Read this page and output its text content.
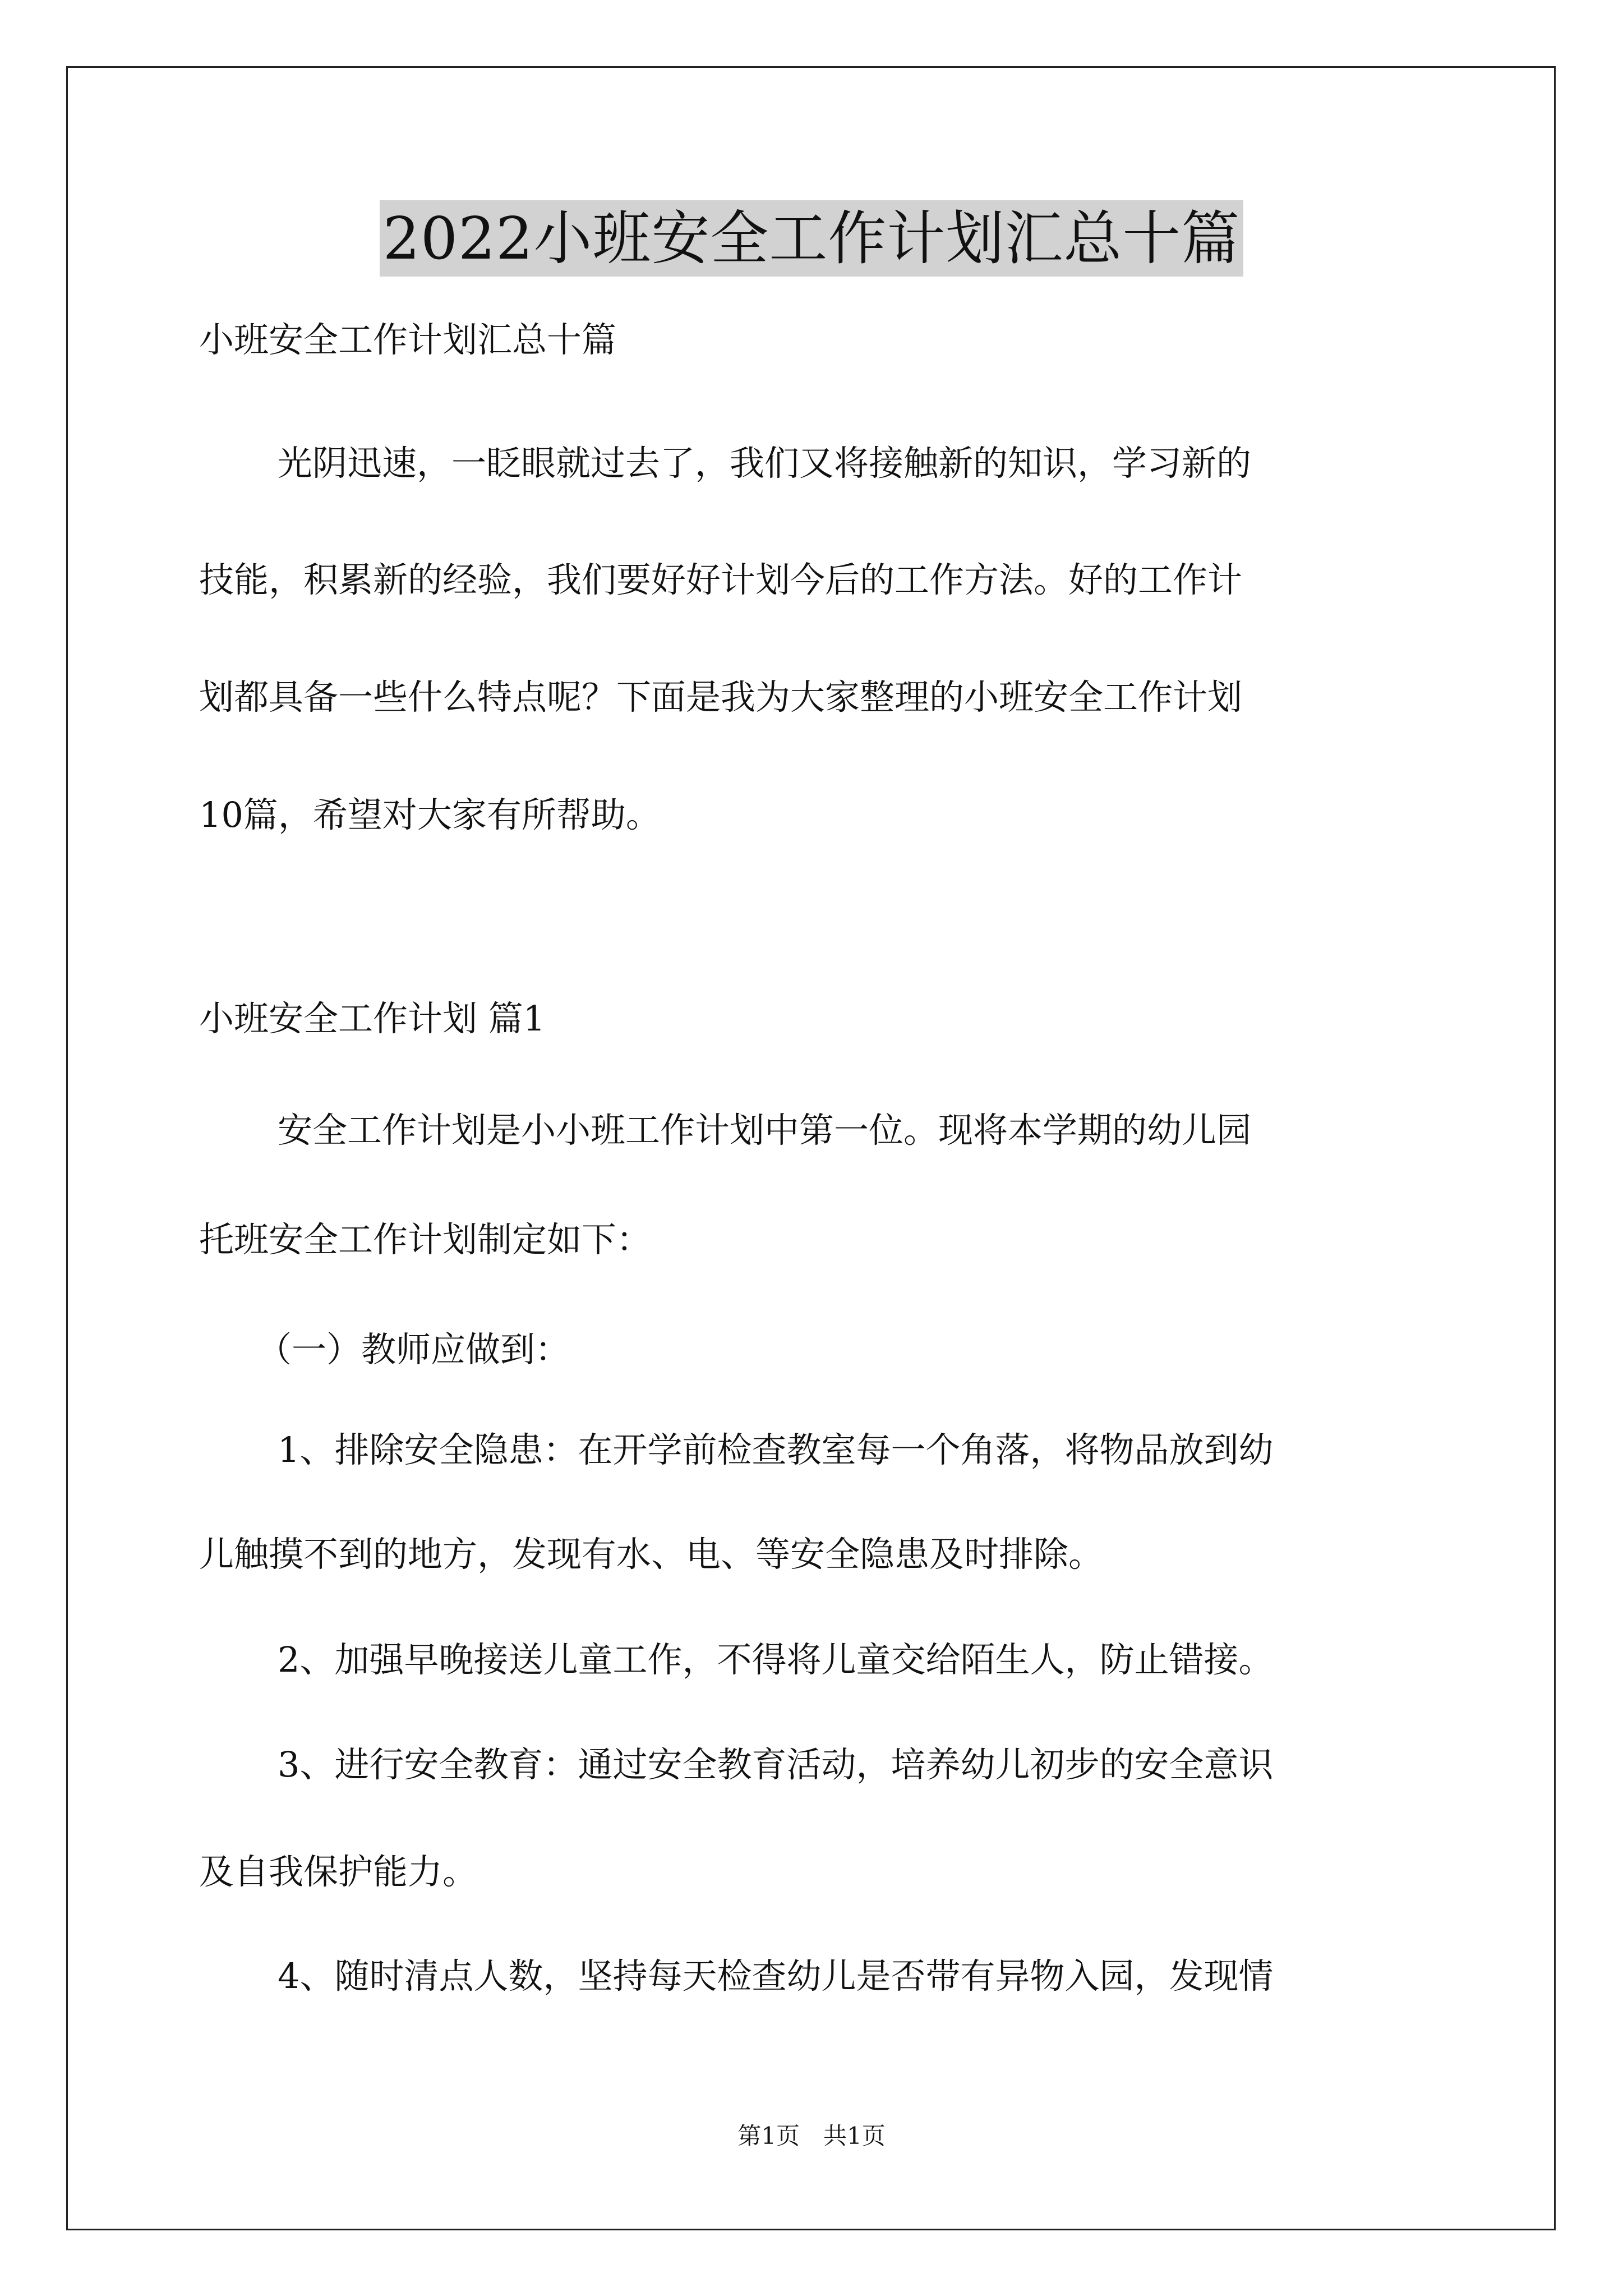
2022小班安全工作计划汇总十篇
小班安全工作计划汇总十篇
光阴迅速，一眨眼就过去了，我们又将接触新的知识，学习新的
技能，积累新的经验，我们要好好计划今后的工作方法。好的工作计
划都具备一些什么特点呢？下面是我为大家整理的小班安全工作计划
10篇，希望对大家有所帮助。
小班安全工作计划 篇1
安全工作计划是小小班工作计划中第一位。现将本学期的幼儿园
托班安全工作计划制定如下：
（一）教师应做到：
1、排除安全隐患：在开学前检查教室每一个角落，将物品放到幼
儿触摸不到的地方，发现有水、电、等安全隐患及时排除。
2、加强早晚接送儿童工作，不得将儿童交给陌生人，防止错接。
3、进行安全教育：通过安全教育活动，培养幼儿初步的安全意识
及自我保护能力。
4、随时清点人数，坚持每天检查幼儿是否带有异物入园，发现情
第1页　共1页
